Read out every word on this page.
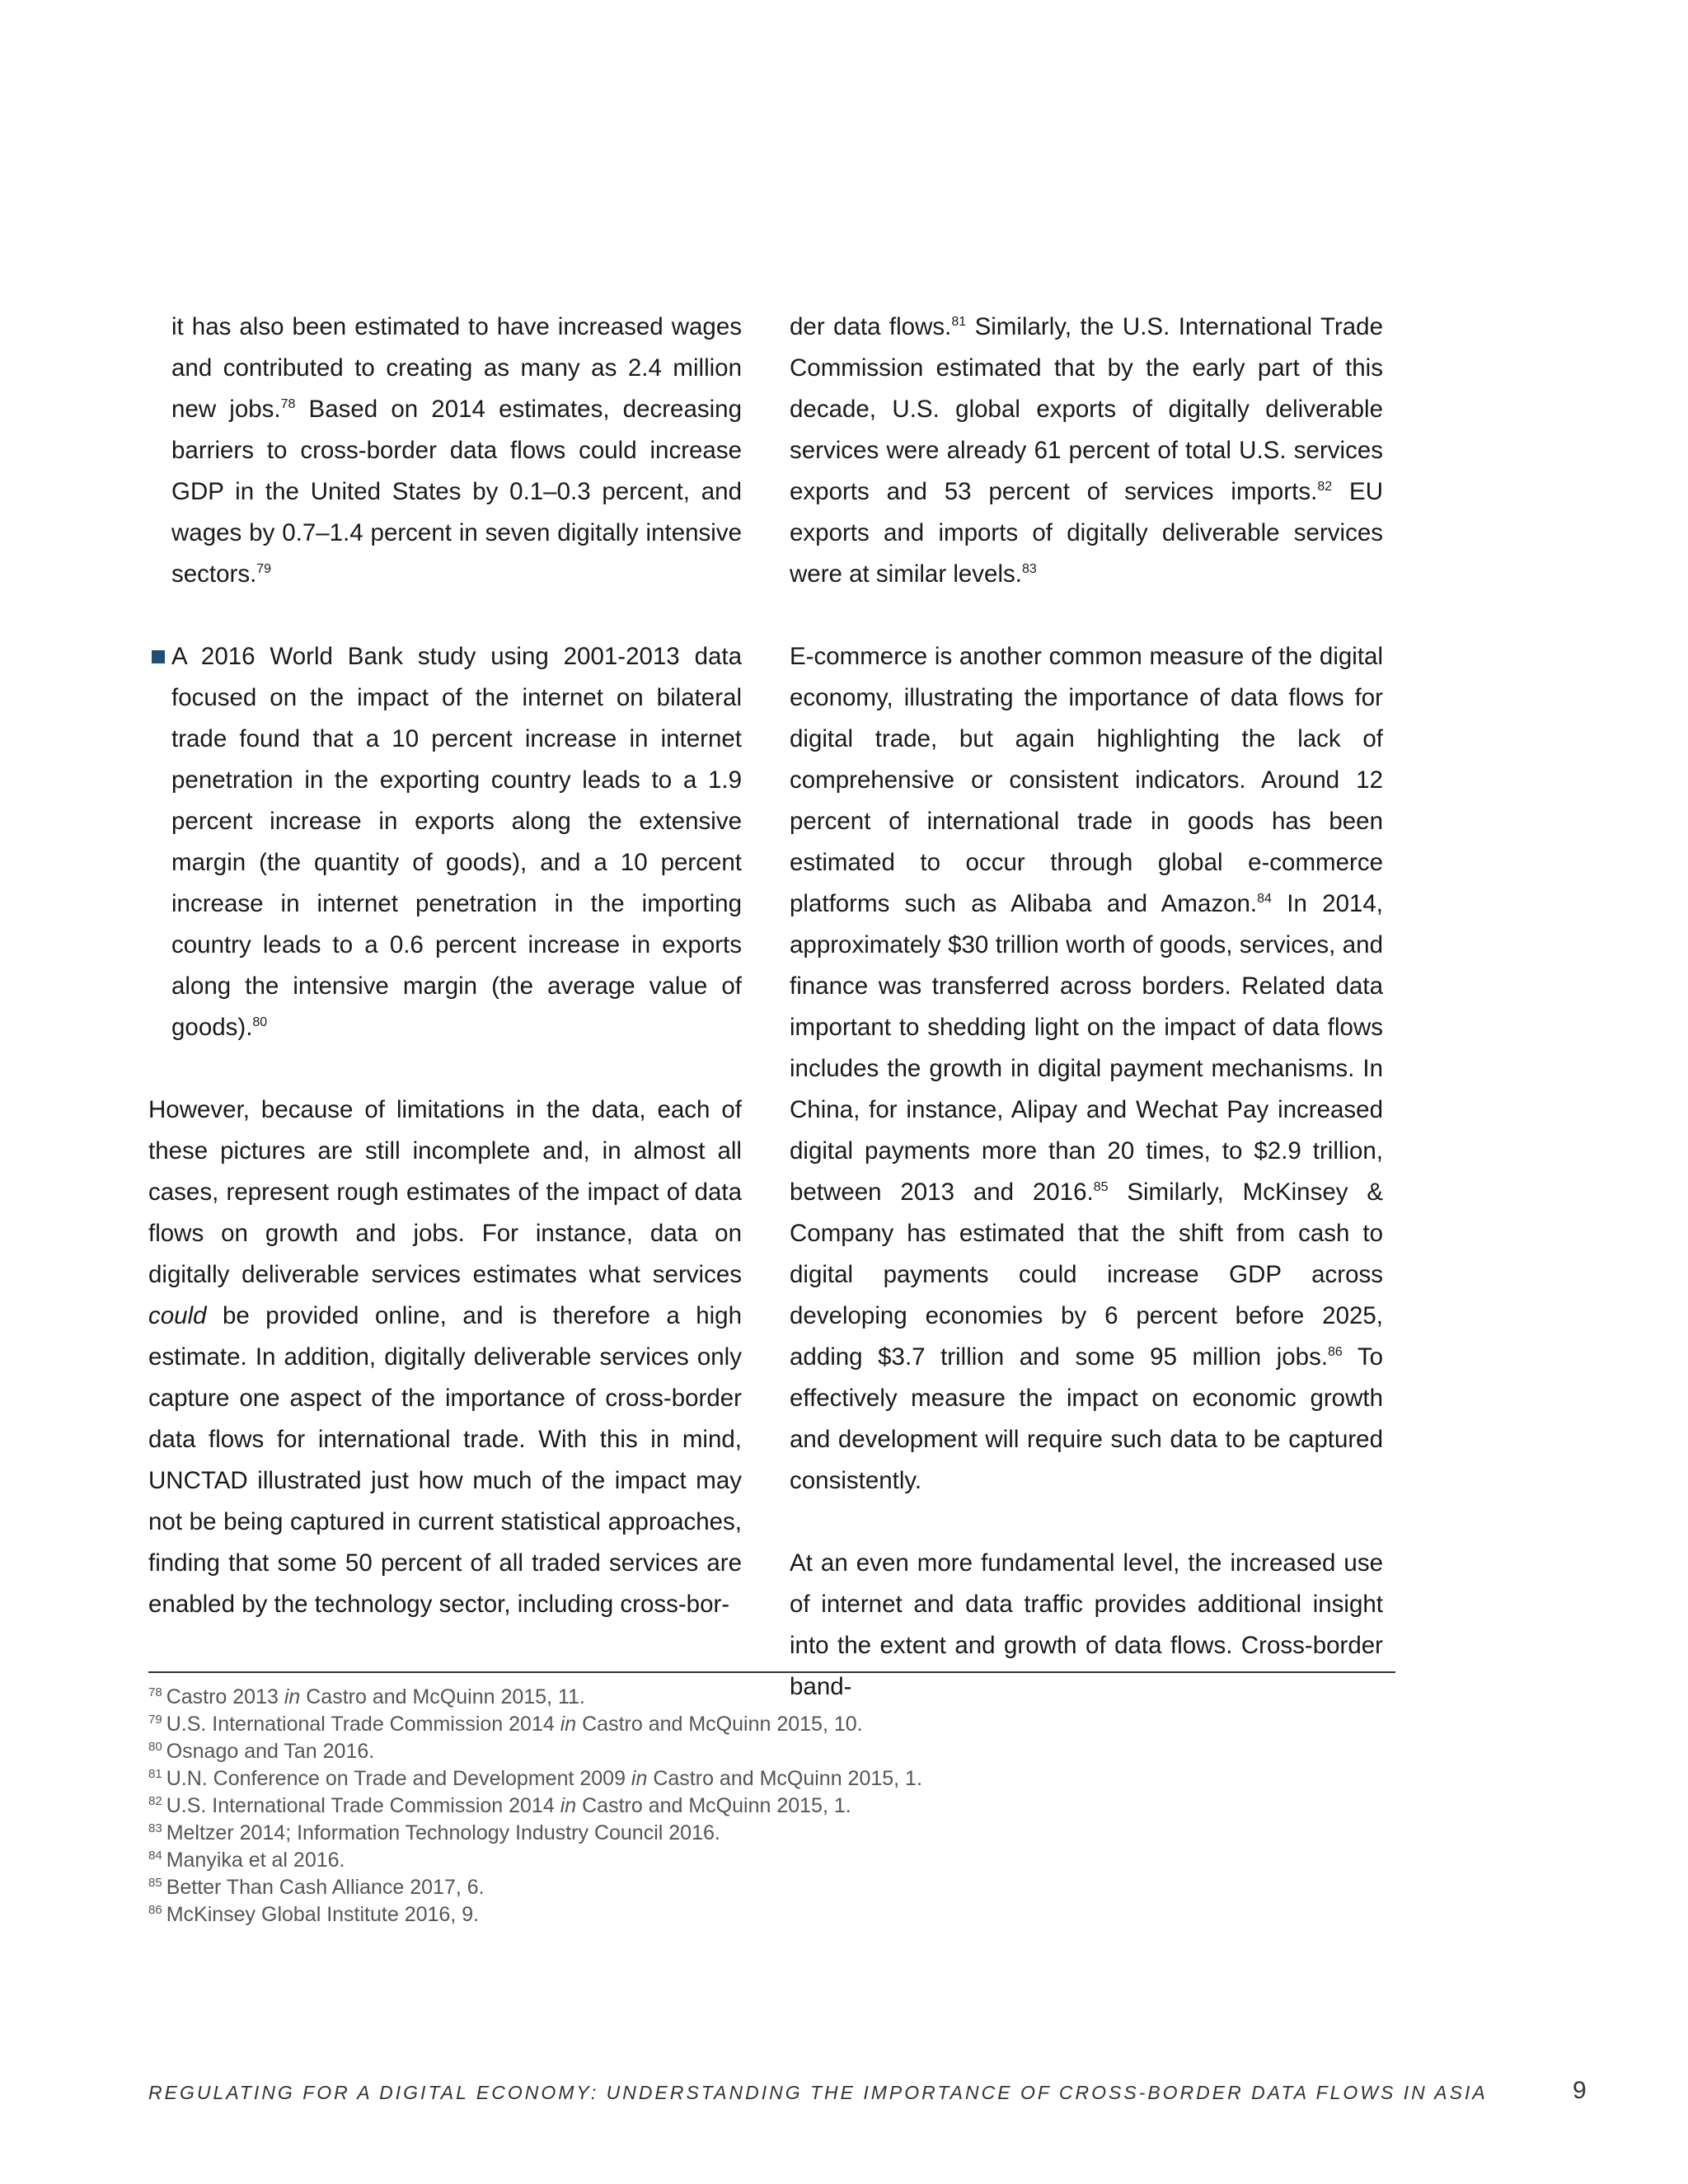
it has also been estimated to have increased wages and contributed to creating as many as 2.4 million new jobs.$^{78}$ Based on 2014 estimates, decreasing barriers to cross-border data flows could increase GDP in the United States by 0.1–0.3 percent, and wages by 0.7–1.4 percent in seven digitally intensive sectors.$^{79}$

A 2016 World Bank study using 2001-2013 data focused on the impact of the internet on bilateral trade found that a 10 percent increase in internet penetration in the exporting country leads to a 1.9 percent increase in exports along the extensive margin (the quantity of goods), and a 10 percent increase in internet penetration in the importing country leads to a 0.6 percent increase in exports along the intensive margin (the average value of goods).$^{80}$

However, because of limitations in the data, each of these pictures are still incomplete and, in almost all cases, represent rough estimates of the impact of data flows on growth and jobs. For instance, data on digitally deliverable services estimates what services could be provided online, and is therefore a high estimate. In addition, digitally deliverable services only capture one aspect of the importance of cross-border data flows for international trade. With this in mind, UNCTAD illustrated just how much of the impact may not be being captured in current statistical approaches, finding that some 50 percent of all traded services are enabled by the technology sector, including cross-bor-

der data flows.$^{81}$ Similarly, the U.S. International Trade Commission estimated that by the early part of this decade, U.S. global exports of digitally deliverable services were already 61 percent of total U.S. services exports and 53 percent of services imports.$^{82}$ EU exports and imports of digitally deliverable services were at similar levels.$^{83}$

E-commerce is another common measure of the digital economy, illustrating the importance of data flows for digital trade, but again highlighting the lack of comprehensive or consistent indicators. Around 12 percent of international trade in goods has been estimated to occur through global e-commerce platforms such as Alibaba and Amazon.$^{84}$ In 2014, approximately $30 trillion worth of goods, services, and finance was transferred across borders. Related data important to shedding light on the impact of data flows includes the growth in digital payment mechanisms. In China, for instance, Alipay and Wechat Pay increased digital payments more than 20 times, to $2.9 trillion, between 2013 and 2016.85 Similarly, McKinsey & Company has estimated that the shift from cash to digital payments could increase GDP across developing economies by 6 percent before 2025, adding $3.7 trillion and some 95 million jobs.$^{86}$ To effectively measure the impact on economic growth and development will require such data to be captured consistently.

At an even more fundamental level, the increased use of internet and data traffic provides additional insight into the extent and growth of data flows. Cross-border band-

$^{78}$ Castro 2013 in Castro and McQuinn 2015, 11.

$^{79}$ U.S. International Trade Commission 2014 in Castro and McQuinn 2015, 10.

$^{80}$ Osnago and Tan 2016.

$^{81}$ U.N. Conference on Trade and Development 2009 in Castro and McQuinn 2015, 1.

$^{82}$ U.S. International Trade Commission 2014 in Castro and McQuinn 2015, 1.

$^{83}$ Meltzer 2014; Information Technology Industry Council 2016.

$^{84}$ Manyika et al 2016.

$^{85}$ Better Than Cash Alliance 2017, 6.

$^{86}$ McKinsey Global Institute 2016, 9.

REGULATING FOR A DIGITAL ECONOMY: UNDERSTANDING THE IMPORTANCE OF CROSS-BORDER DATA FLOWS IN ASIA	9
